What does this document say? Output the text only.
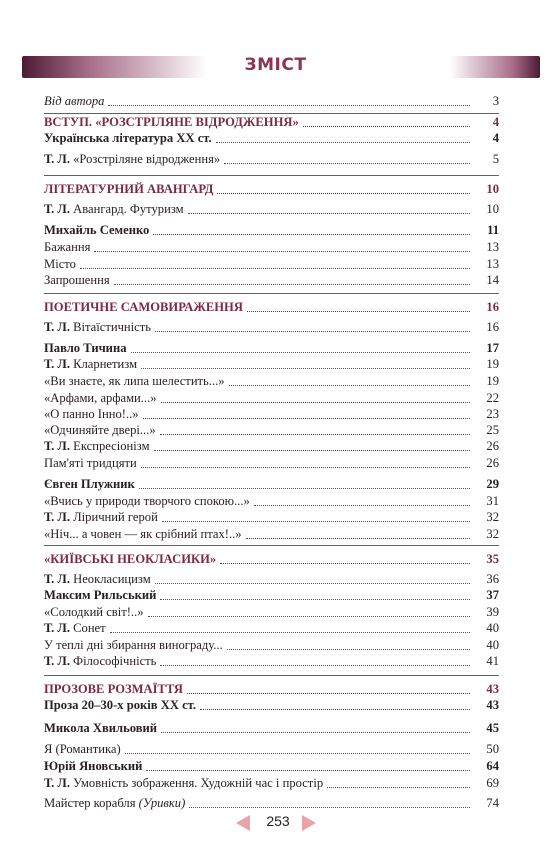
ЗМІСТ
Від автора	3
ВСТУП. «РОЗСТРІЛЯНЕ ВІДРОДЖЕННЯ»	4
Українська література ХХ ст.	4
Т. Л. «Розстріляне відродження»	5
ЛІТЕРАТУРНИЙ АВАНГАРД	10
Т. Л. Авангард. Футуризм	10
Михайль Семенко	11
Бажання	13
Місто	13
Запрошення	14
ПОЕТИЧНЕ САМОВИРАЖЕННЯ	16
Т. Л. Вітаїстичність	16
Павло Тичина	17
Т. Л. Кларнетизм	19
«Ви знаєте, як липа шелестить...»	19
«Арфами, арфами...»	22
«О панно Інно!..»	23
«Одчиняйте двері...»	25
Т. Л. Експресіонізм	26
Пам'яті тридцяти	26
Євген Плужник	29
«Вчись у природи творчого спокою...»	31
Т. Л. Ліричний герой	32
«Ніч... а човен — як срібний птах!..»	32
«КИЇВСЬКІ НЕОКЛАСИКИ»	35
Т. Л. Неокласицизм	36
Максим Рильський	37
«Солодкий світ!..»	39
Т. Л. Сонет	40
У теплі дні збирання винограду...	40
Т. Л. Філософічність	41
ПРОЗОВЕ РОЗМАЇТТЯ	43
Проза 20–30-х років ХХ ст.	43
Микола Хвильовий	45
Я (Романтика)	50
Юрій Яновський	64
Т. Л. Умовність зображення. Художній час і простір	69
Майстер корабля (Уривки)	74
253
